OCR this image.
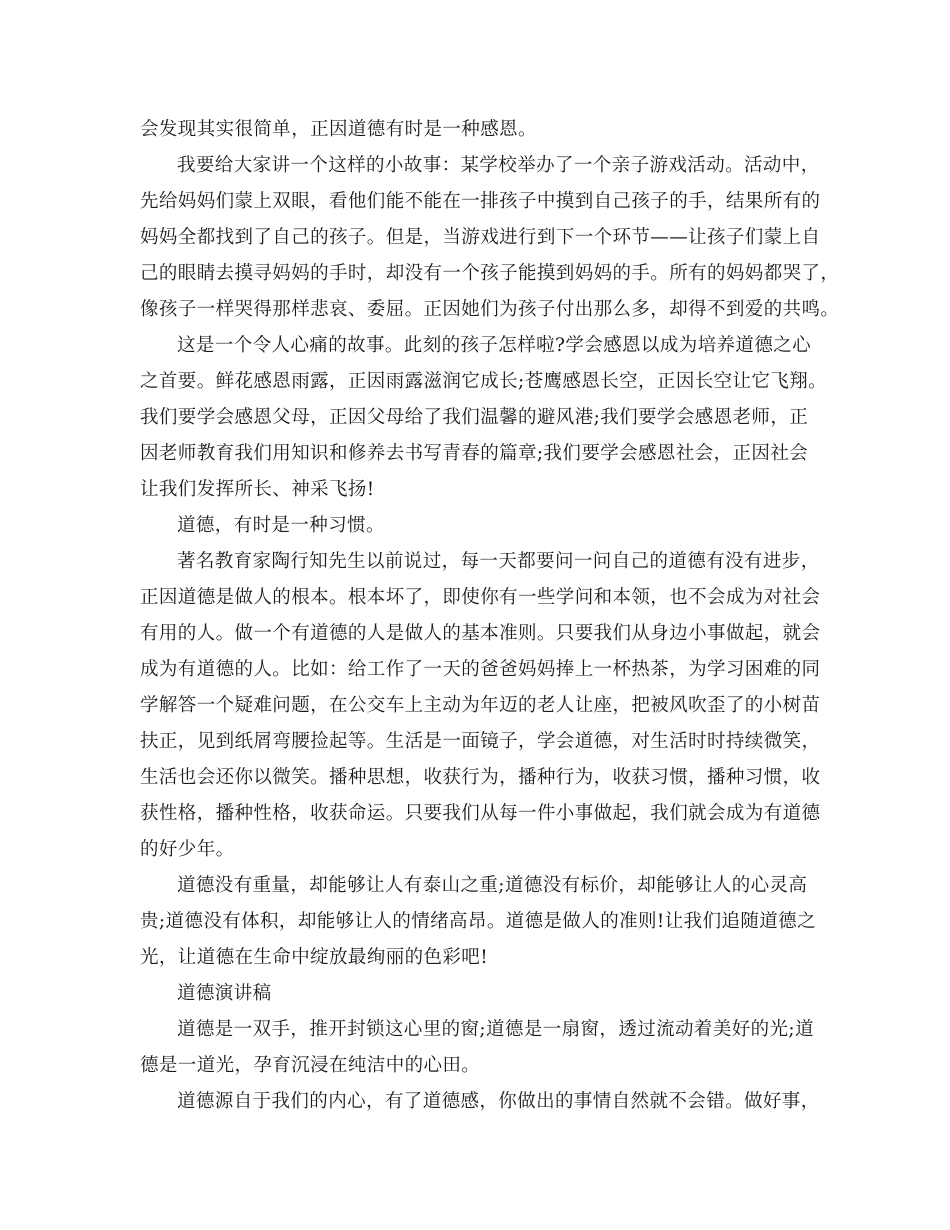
会发现其实很简单，正因道德有时是一种感恩。
我要给大家讲一个这样的小故事：某学校举办了一个亲子游戏活动。活动中，
先给妈妈们蒙上双眼，看他们能不能在一排孩子中摸到自己孩子的手，结果所有的
妈妈全都找到了自己的孩子。但是，当游戏进行到下一个环节——让孩子们蒙上自
己的眼睛去摸寻妈妈的手时，却没有一个孩子能摸到妈妈的手。所有的妈妈都哭了，
像孩子一样哭得那样悲哀、委屈。正因她们为孩子付出那么多，却得不到爱的共鸣。
这是一个令人心痛的故事。此刻的孩子怎样啦?学会感恩以成为培养道德之心
之首要。鲜花感恩雨露，正因雨露滋润它成长;苍鹰感恩长空，正因长空让它飞翔。
我们要学会感恩父母，正因父母给了我们温馨的避风港;我们要学会感恩老师，正
因老师教育我们用知识和修养去书写青春的篇章;我们要学会感恩社会，正因社会
让我们发挥所长、神采飞扬!
道德，有时是一种习惯。
著名教育家陶行知先生以前说过，每一天都要问一问自己的道德有没有进步，
正因道德是做人的根本。根本坏了，即使你有一些学问和本领，也不会成为对社会
有用的人。做一个有道德的人是做人的基本准则。只要我们从身边小事做起，就会
成为有道德的人。比如：给工作了一天的爸爸妈妈捧上一杯热茶，为学习困难的同
学解答一个疑难问题，在公交车上主动为年迈的老人让座，把被风吹歪了的小树苗
扶正，见到纸屑弯腰捡起等。生活是一面镜子，学会道德，对生活时时持续微笑，
生活也会还你以微笑。播种思想，收获行为，播种行为，收获习惯，播种习惯，收
获性格，播种性格，收获命运。只要我们从每一件小事做起，我们就会成为有道德
的好少年。
道德没有重量，却能够让人有泰山之重;道德没有标价，却能够让人的心灵高
贵;道德没有体积，却能够让人的情绪高昂。道德是做人的准则!让我们追随道德之
光，让道德在生命中绽放最绚丽的色彩吧!
道德演讲稿
道德是一双手，推开封锁这心里的窗;道德是一扇窗，透过流动着美好的光;道
德是一道光，孕育沉浸在纯洁中的心田。
道德源自于我们的内心，有了道德感，你做出的事情自然就不会错。做好事，
